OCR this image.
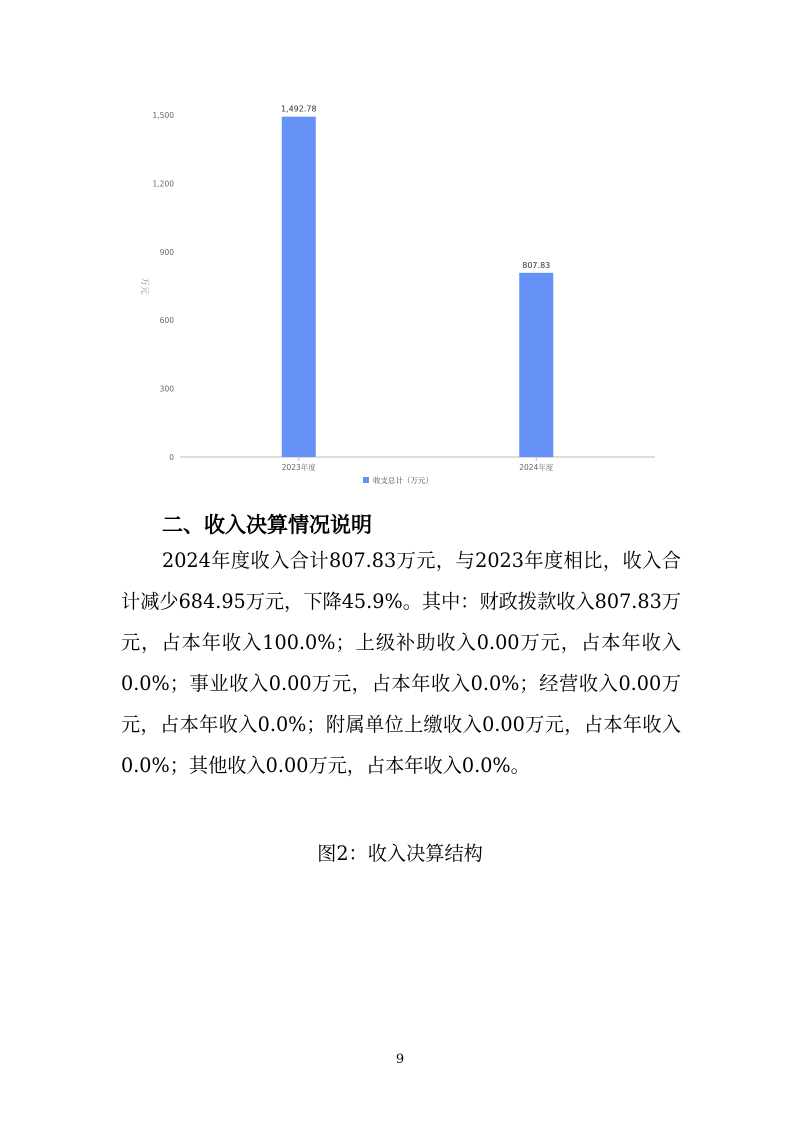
0
300
600
900
1,200
1,500
万元
2023年度	2024年度
1,492.78
807.83
收支总计（万元）
二、收入决算情况说明

2024年度收入合计807.83万元，与2023年度相比，收入合计减少684.95万元，下降45.9%。其中：财政拨款收入807.83万元，占本年收入100.0%；上级补助收入0.00万元，占本年收入0.0%；事业收入0.00万元，占本年收入0.0%；经营收入0.00万元，占本年收入0.0%；附属单位上缴收入0.00万元，占本年收入0.0%；其他收入0.00万元，占本年收入0.0%。

图2：收入决算结构

9
